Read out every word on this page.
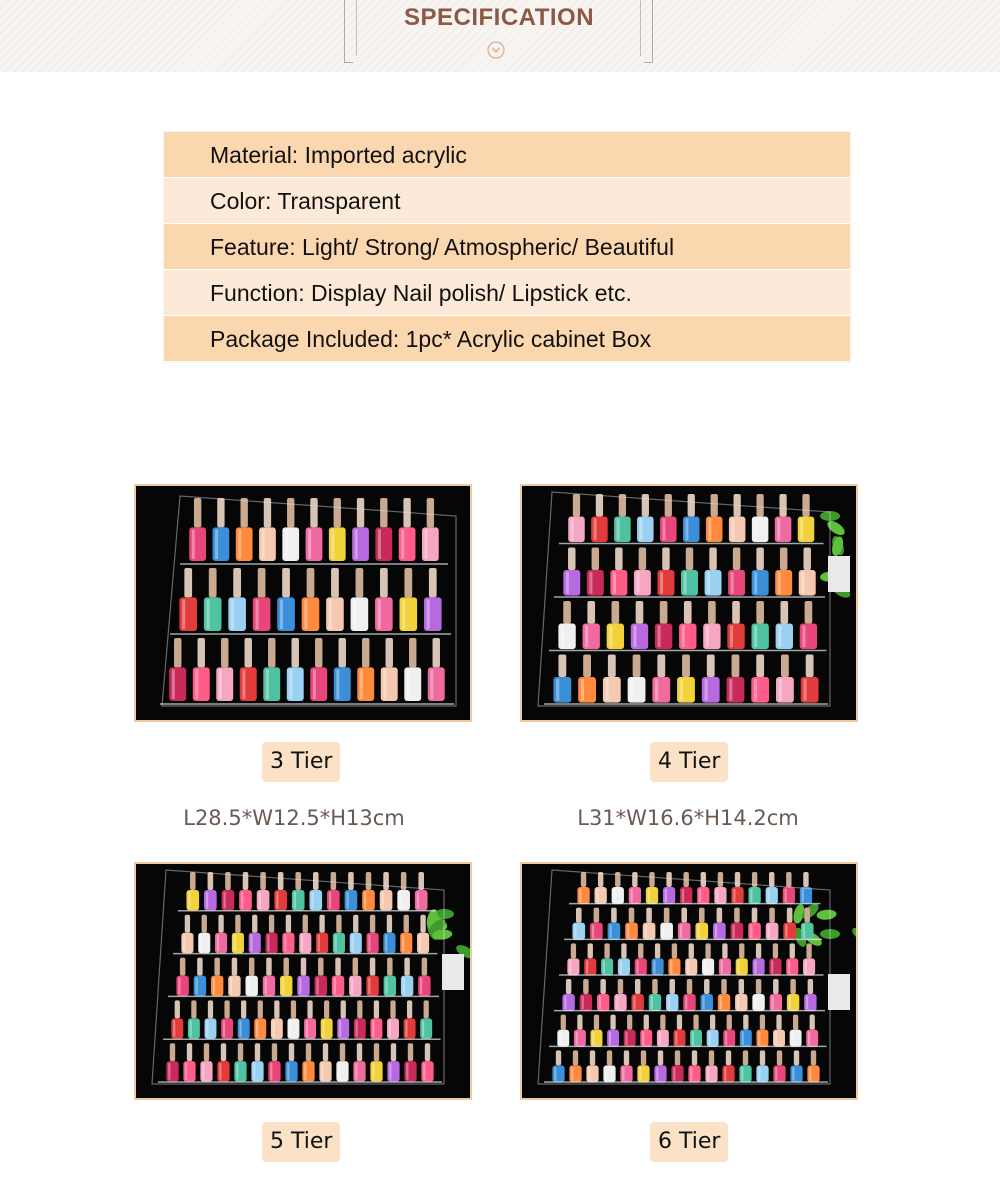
SPECIFICATION
Material: Imported acrylic
Color: Transparent
Feature: Light/ Strong/ Atmospheric/ Beautiful
Function: Display Nail polish/ Lipstick etc.
Package Included: 1pc* Acrylic cabinet Box
3 Tier
L28.5*W12.5*H13cm
4 Tier
L31*W16.6*H14.2cm
5 Tier	6 Tier
